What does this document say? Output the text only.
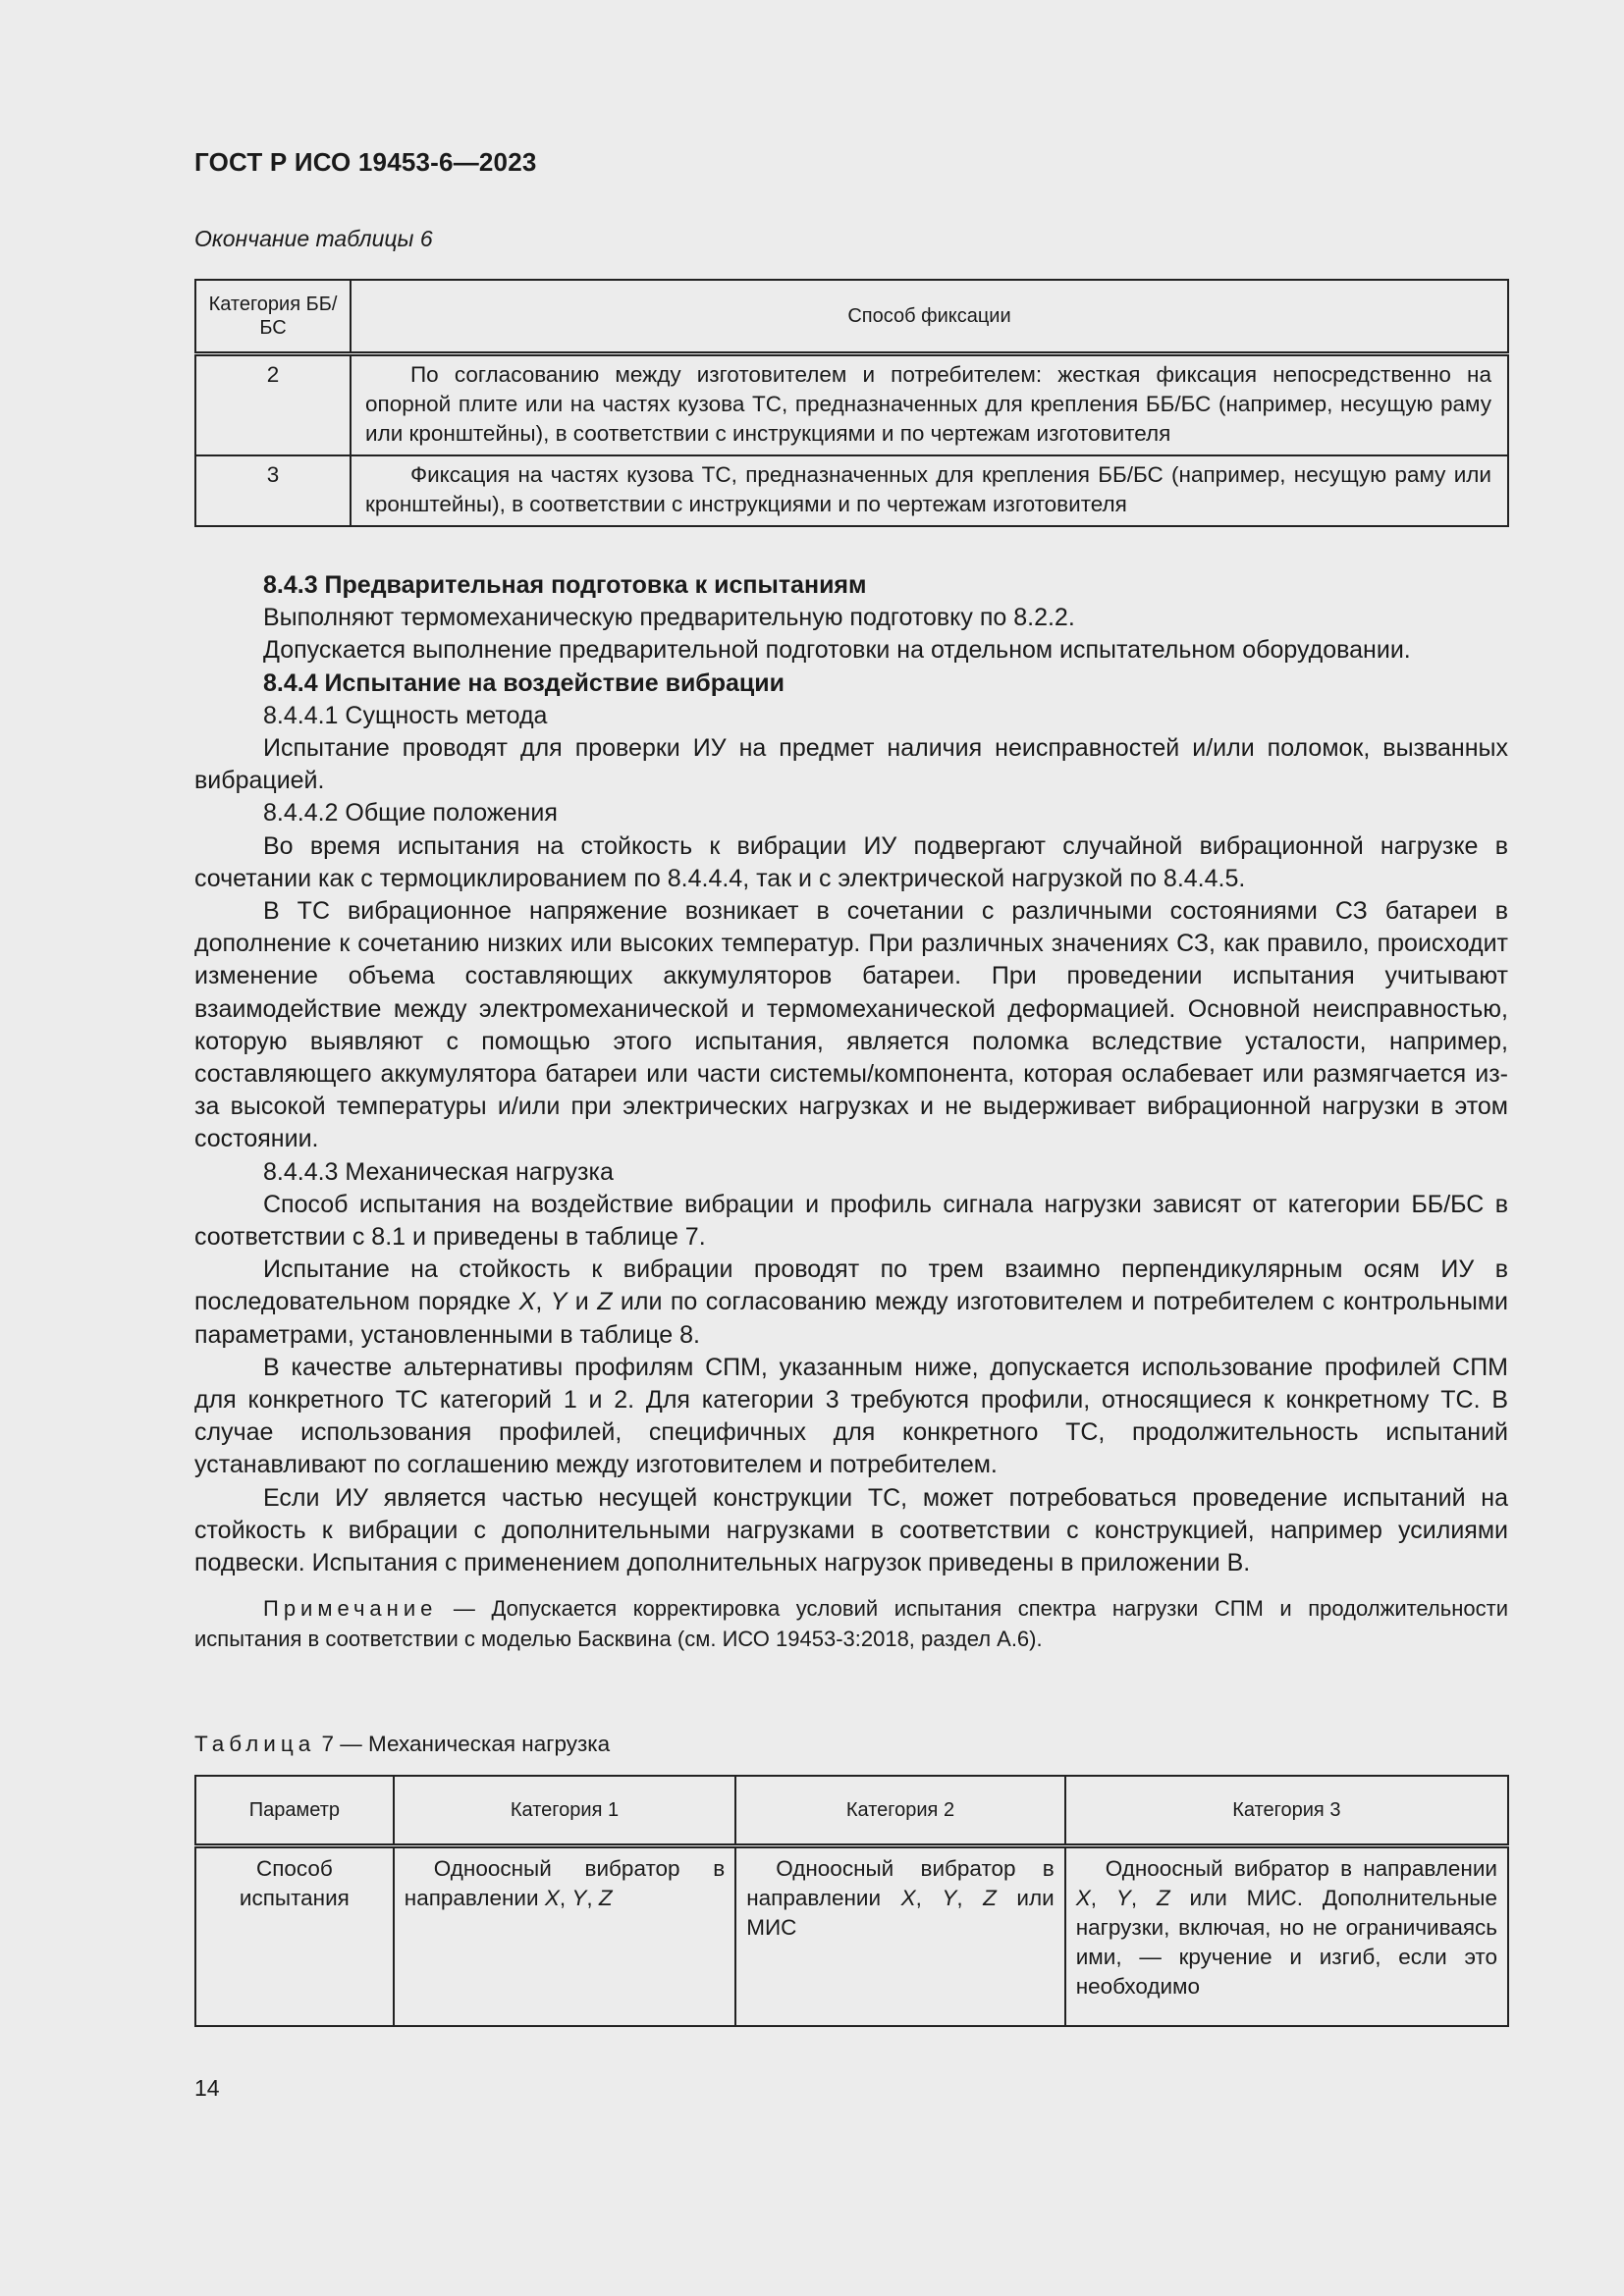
ГОСТ Р ИСО 19453-6—2023
Окончание таблицы 6
Категория ББ/БС	Способ фиксации
2	По согласованию между изготовителем и потребителем: жесткая фиксация непосредственно на опорной плите или на частях кузова ТС, предназначенных для крепления ББ/БС (например, несущую раму или кронштейны), в соответствии с инструкциями и по чертежам изготовителя
3	Фиксация на частях кузова ТС, предназначенных для крепления ББ/БС (например, несущую раму или кронштейны), в соответствии с инструкциями и по чертежам изготовителя

8.4.3 Предварительная подготовка к испытаниям

Выполняют термомеханическую предварительную подготовку по 8.2.2.

Допускается выполнение предварительной подготовки на отдельном испытательном оборудовании.

8.4.4 Испытание на воздействие вибрации

8.4.4.1 Сущность метода

Испытание проводят для проверки ИУ на предмет наличия неисправностей и/или поломок, вызванных вибрацией.

8.4.4.2 Общие положения

Во время испытания на стойкость к вибрации ИУ подвергают случайной вибрационной нагрузке в сочетании как с термоциклированием по 8.4.4.4, так и с электрической нагрузкой по 8.4.4.5.

В ТС вибрационное напряжение возникает в сочетании с различными состояниями СЗ батареи в дополнение к сочетанию низких или высоких температур. При различных значениях СЗ, как правило, происходит изменение объема составляющих аккумуляторов батареи. При проведении испытания учитывают взаимодействие между электромеханической и термомеханической деформацией. Основной неисправностью, которую выявляют с помощью этого испытания, является поломка вследствие усталости, например, составляющего аккумулятора батареи или части системы/компонента, которая ослабевает или размягчается из-за высокой температуры и/или при электрических нагрузках и не выдерживает вибрационной нагрузки в этом состоянии.

8.4.4.3 Механическая нагрузка

Способ испытания на воздействие вибрации и профиль сигнала нагрузки зависят от категории ББ/БС в соответствии с 8.1 и приведены в таблице 7.

Испытание на стойкость к вибрации проводят по трем взаимно перпендикулярным осям ИУ в последовательном порядке X, Y и Z или по согласованию между изготовителем и потребителем с контрольными параметрами, установленными в таблице 8.

В качестве альтернативы профилям СПМ, указанным ниже, допускается использование профилей СПМ для конкретного ТС категорий 1 и 2. Для категории 3 требуются профили, относящиеся к конкретному ТС. В случае использования профилей, специфичных для конкретного ТС, продолжительность испытаний устанавливают по соглашению между изготовителем и потребителем.

Если ИУ является частью несущей конструкции ТС, может потребоваться проведение испытаний на стойкость к вибрации с дополнительными нагрузками в соответствии с конструкцией, например усилиями подвески. Испытания с применением дополнительных нагрузок приведены в приложении В.

Примечание — Допускается корректировка условий испытания спектра нагрузки СПМ и продолжительности испытания в соответствии с моделью Басквина (см. ИСО 19453-3:2018, раздел А.6).

Таблица 7 — Механическая нагрузка
Параметр	Категория 1	Категория 2	Категория 3
Способ испытания	Одноосный вибратор в направлении X, Y, Z	Одноосный вибратор в направлении X, Y, Z или МИС	Одноосный вибратор в направлении X, Y, Z или МИС. Дополнительные нагрузки, включая, но не ограничиваясь ими, — кручение и изгиб, если это необходимо
14
